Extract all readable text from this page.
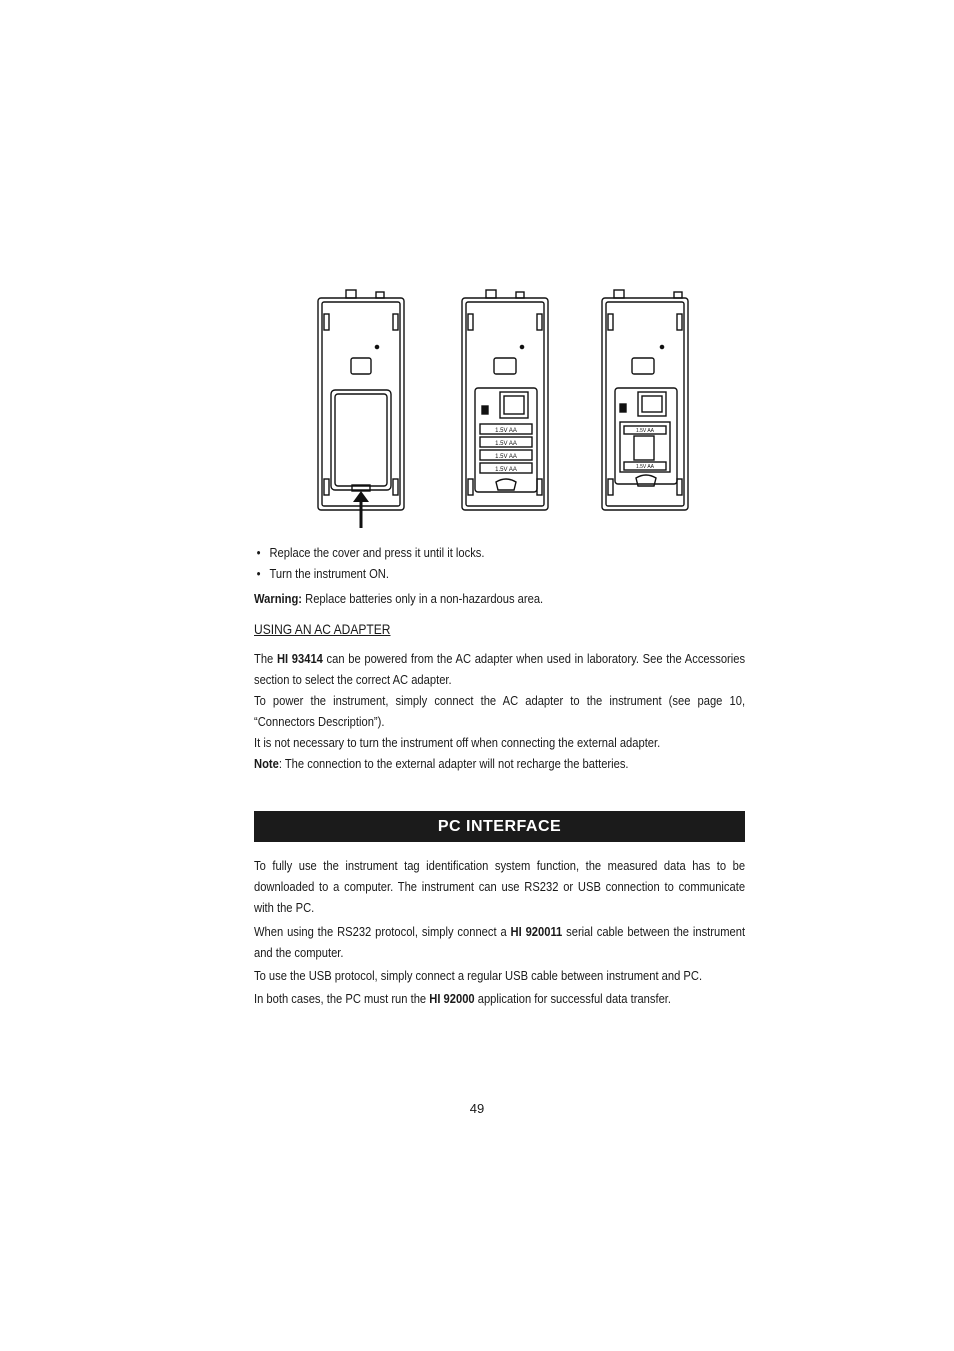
1.5V AA
1.5V AA
1.5V AA
1.5V AA
1.5V AA
1.5V AA
• Replace the cover and press it until it locks.
• Turn the instrument ON.
Warning: Replace batteries only in a non-hazardous area.
USING AN AC ADAPTER

The HI 93414 can be powered from the AC adapter when used in laboratory. See the Accessories section to select the correct AC adapter.

To power the instrument, simply connect the AC adapter to the instrument (see page 10, “Connectors Description”).

It is not necessary to turn the instrument off when connecting the external adapter.

Note: The connection to the external adapter will not recharge the batteries.

PC INTERFACE

To fully use the instrument tag identification system function, the measured data has to be downloaded to a computer. The instrument can use RS232 or USB connection to communicate with the PC.

When using the RS232 protocol, simply connect a HI 920011 serial cable between the instrument and the computer.

To use the USB protocol, simply connect a regular USB cable between instrument and PC.

In both cases, the PC must run the HI 92000 application for successful data transfer.

49
